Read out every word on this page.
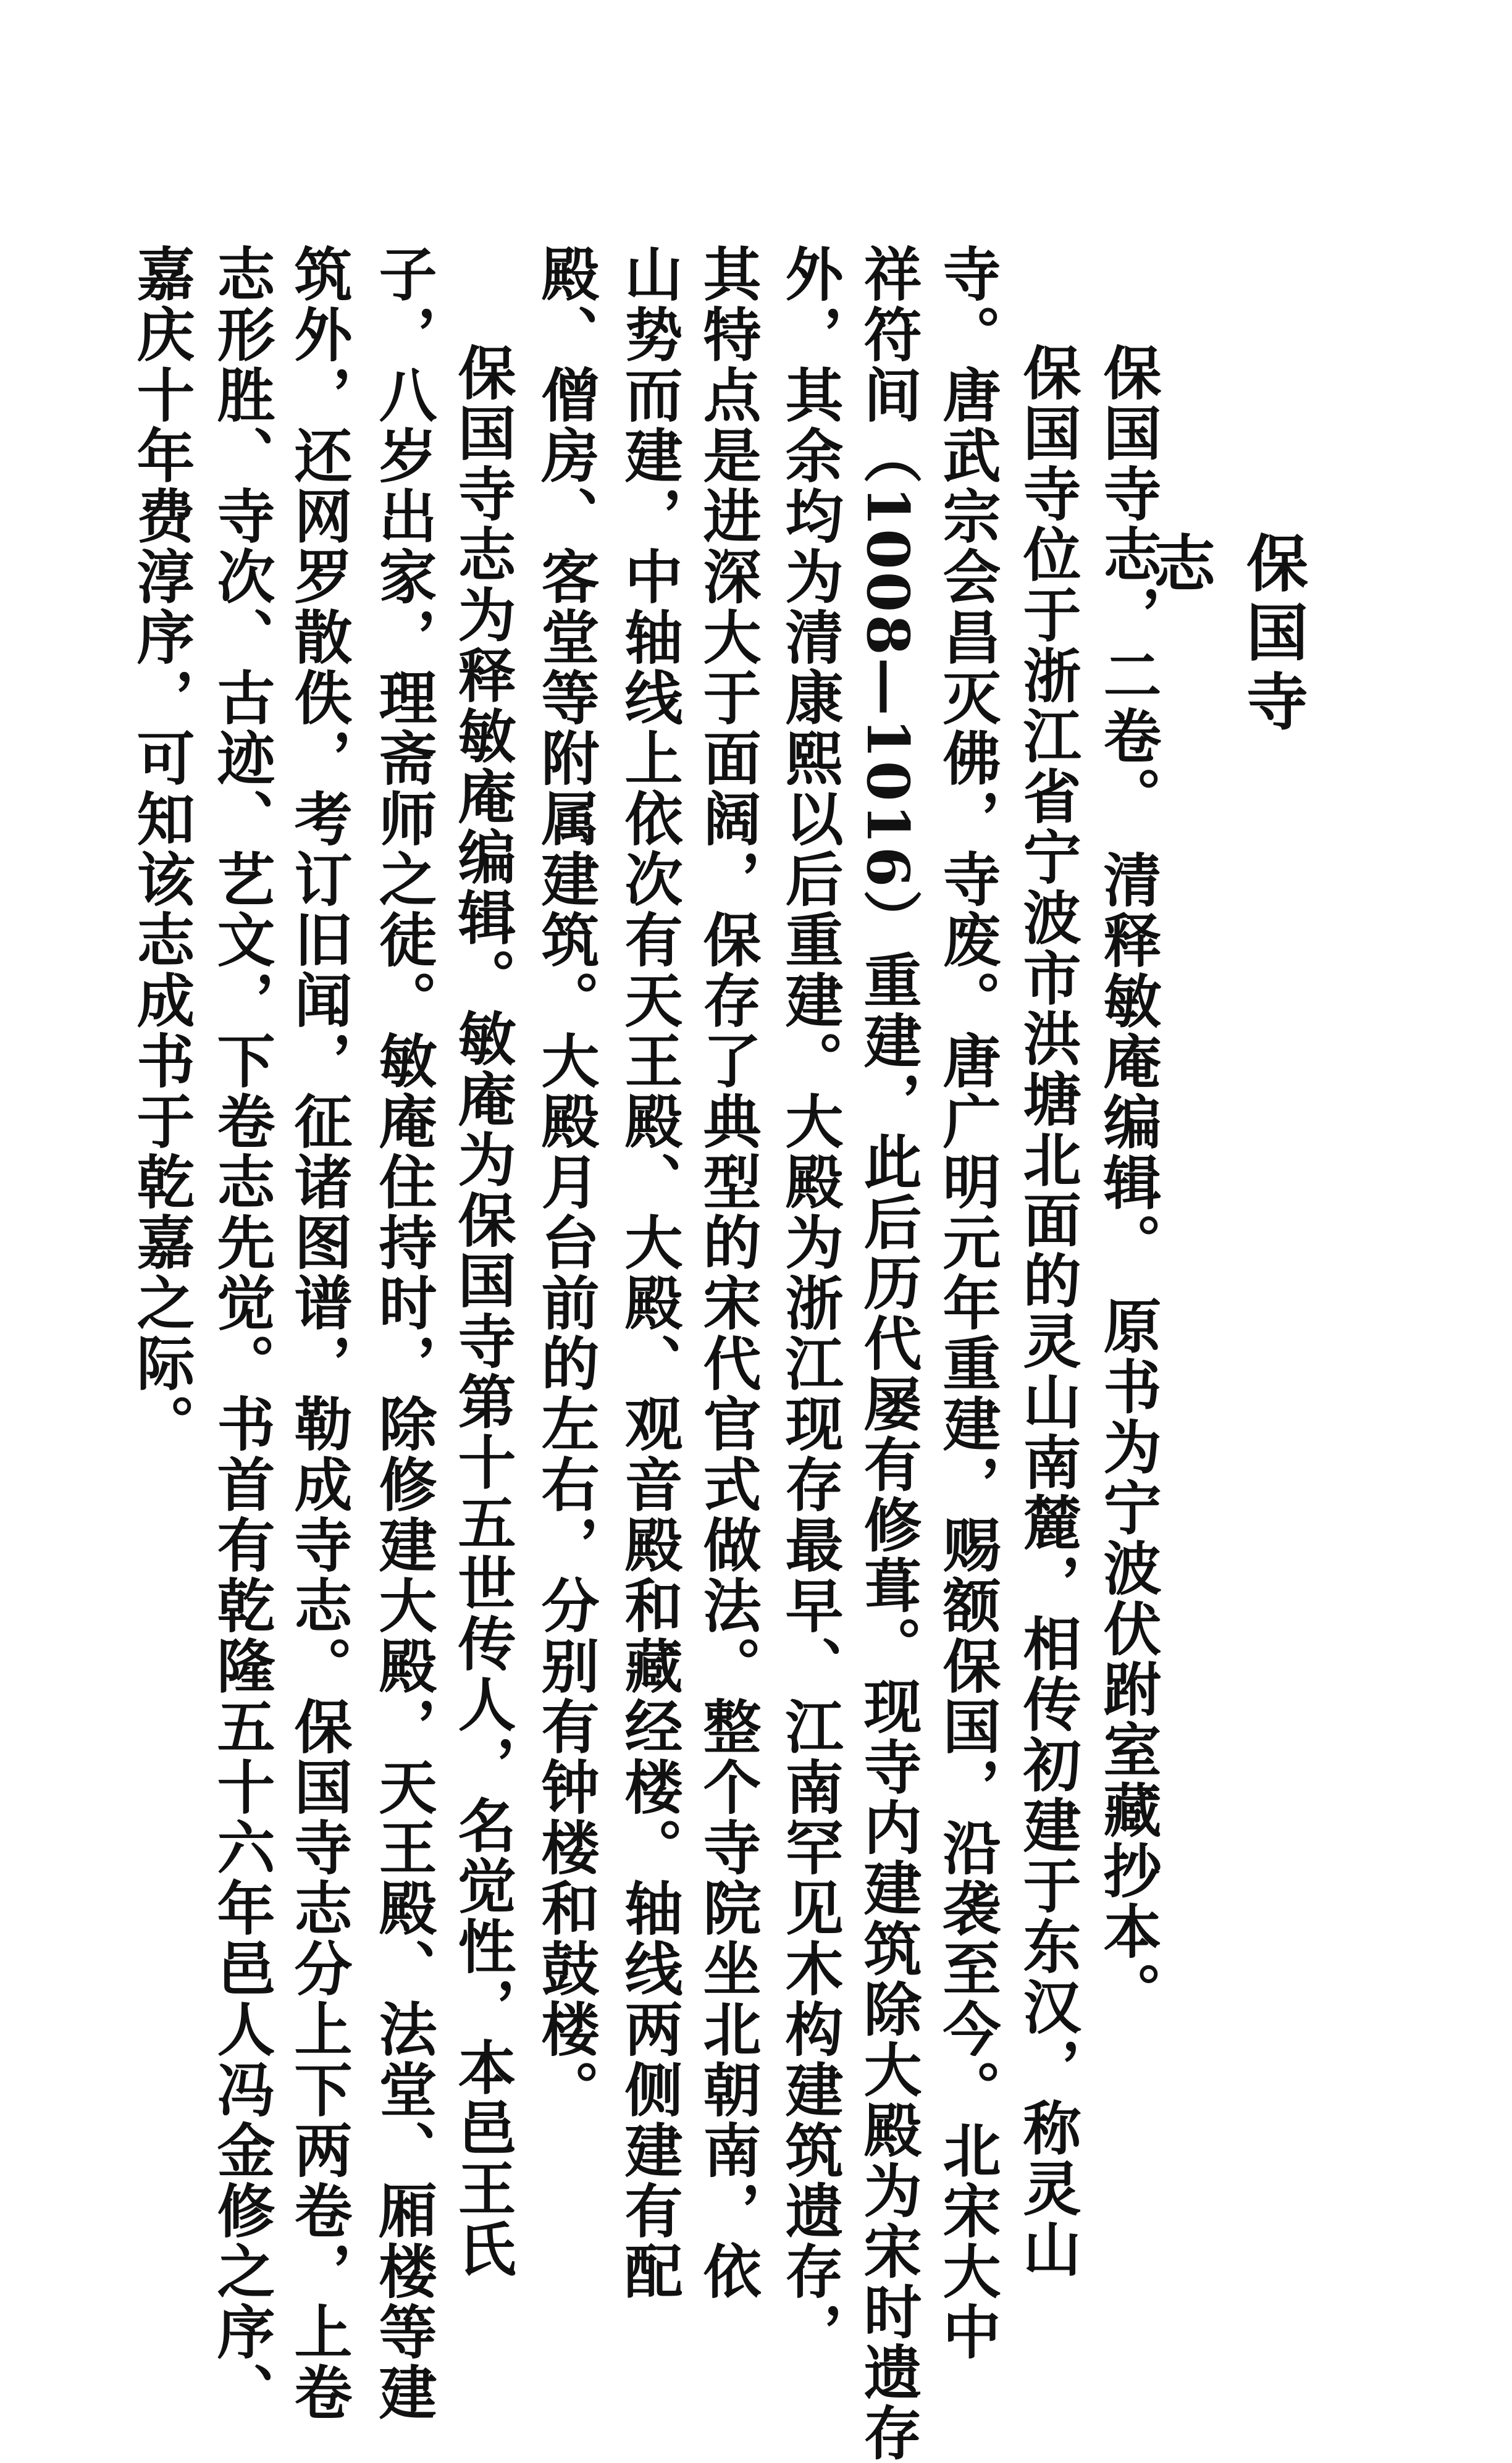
保国寺志
保国寺志，二卷。 清释敏庵编辑。 原书为宁波伏跗室藏抄本。
保国寺位于浙江省宁波市洪塘北面的灵山南麓，相传初建于东汉，称灵山
寺。唐武宗会昌灭佛，寺废。唐广明元年重建，赐额保国，沿袭至今。北宋大中
祥符间（1008—1016）重建，此后历代屡有修葺。现寺内建筑除大殿为宋时遗存
外，其余均为清康熙以后重建。大殿为浙江现存最早、江南罕见木构建筑遗存，
其特点是进深大于面阔，保存了典型的宋代官式做法。整个寺院坐北朝南，依
山势而建，中轴线上依次有天王殿、大殿、观音殿和藏经楼。轴线两侧建有配
殿、僧房、客堂等附属建筑。大殿月台前的左右，分别有钟楼和鼓楼。
保国寺志为释敏庵编辑。敏庵为保国寺第十五世传人，名觉性，本邑王氏
子，八岁出家，理斋师之徒。敏庵住持时，除修建大殿，天王殿、法堂、厢楼等建
筑外，还网罗散佚，考订旧闻，征诸图谱，勒成寺志。保国寺志分上下两卷，上卷
志形胜、寺次、古迹、艺文，下卷志先觉。书首有乾隆五十六年邑人冯金修之序、
嘉庆十年费淳序，可知该志成书于乾嘉之际。
